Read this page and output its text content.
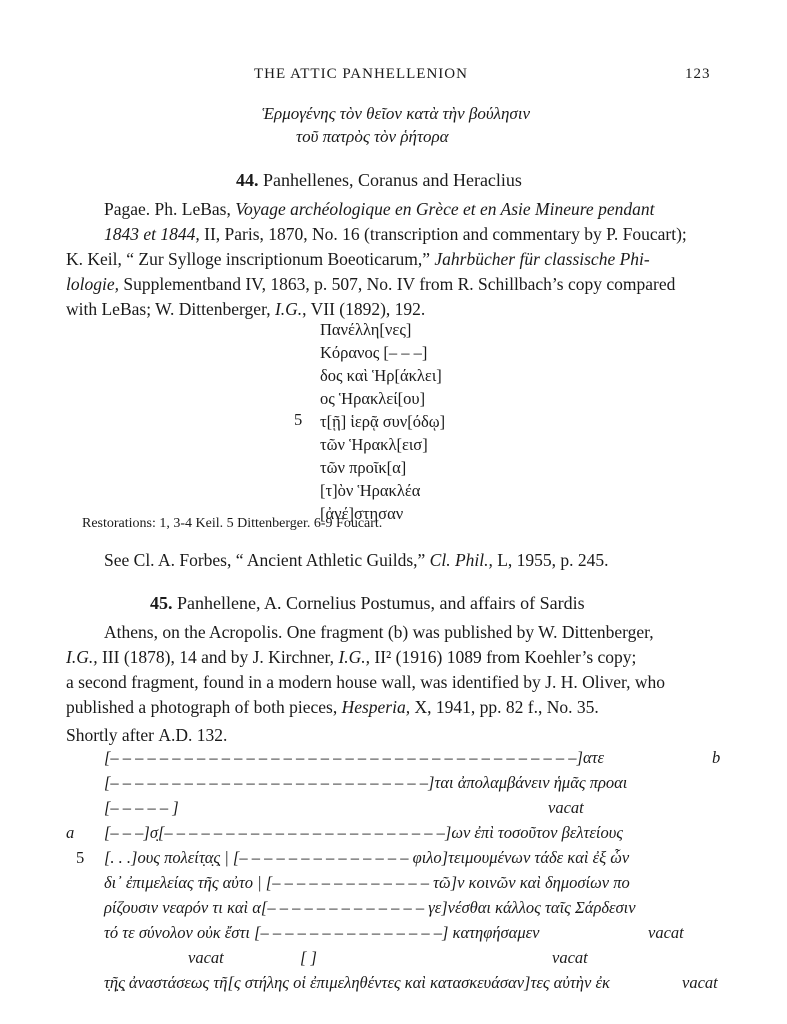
THE ATTIC PANHELLENION	123
Ἑρμογένης τὸν θεῖον κατὰ τὴν βούλησιν
τοῦ πατρὸς τὸν ῥήτορα
44. Panhellenes, Coranus and Heraclius
Pagae. Ph. LeBas, Voyage archéologique en Grèce et en Asie Mineure pendant
1843 et 1844, II, Paris, 1870, No. 16 (transcription and commentary by P. Foucart);
K. Keil, “ Zur Sylloge inscriptionum Boeoticarum,” Jahrbücher für classische Phi-
lologie, Supplementband IV, 1863, p. 507, No. IV from R. Schillbach’s copy compared
with LeBas; W. Dittenberger, I.G., VII (1892), 192.
Πανέλλη[νες]
Κόρανος [– – –]
δος καὶ Ἡρ[άκλει]
ος Ἡρακλεί[ου]
τ[ῇ] ἱερᾷ συν[όδῳ]
τῶν Ἡρακλ[εισ]
τῶν προῖκ[α]
[τ]ὸν Ἡρακλέα
[ἀνέ]στησαν
5
Restorations: 1, 3-4 Keil. 5 Dittenberger. 6-9 Foucart.
See Cl. A. Forbes, “ Ancient Athletic Guilds,” Cl. Phil., L, 1955, p. 245.
45. Panhellene, A. Cornelius Postumus, and affairs of Sardis
Athens, on the Acropolis. One fragment (b) was published by W. Dittenberger,
I.G., III (1878), 14 and by J. Kirchner, I.G., II² (1916) 1089 from Koehler’s copy;
a second fragment, found in a modern house wall, was identified by J. H. Oliver, who
published a photograph of both pieces, Hesperia, X, 1941, pp. 82 f., No. 35.
Shortly after A.D. 132.
[– – – – – – – – – – – – – – – – – – – – – – – – – – – – – – – – – – – – – –]ατε	b
[– – – – – – – – – – – – – – – – – – – – – – – – – –]ται ἀπολαμβάνειν ἡμᾶς προαι
[– – – – – ]	vacat
a [– – –]σ̣[– – – – – – – – – – – – – – – – – – – – – – –]ων ἐπὶ τοσοῦτον βελτείους
5 [. . .]ους πολείτ̣α̣ς̣ | [– – – – – – – – – – – – – – φιλο]τειμουμένων τάδε καὶ ἐξ ὧν
δι᾽ ἐπιμελείας τῆς αὐτο | [– – – – – – – – – – – – – τῶ]ν κοινῶν καὶ δημοσίων πο
ρίζουσιν νεαρόν τι καὶ α[– – – – – – – – – – – – – γε]νέσθαι κάλλος ταῖς Σάρδεσιν
τό τε σύνολον οὐκ ἔστι [– – – – – – – – – – – – – – –] κατηφήσαμεν	vacat
vacat	[ ]	vacat
τ̣ῆ̣ς̣ ἀναστάσεως τῆ[ς στήλης οἱ ἐπιμεληθέντες καὶ κατασκευάσαν]τες αὐτὴν ἐκ	vacat
